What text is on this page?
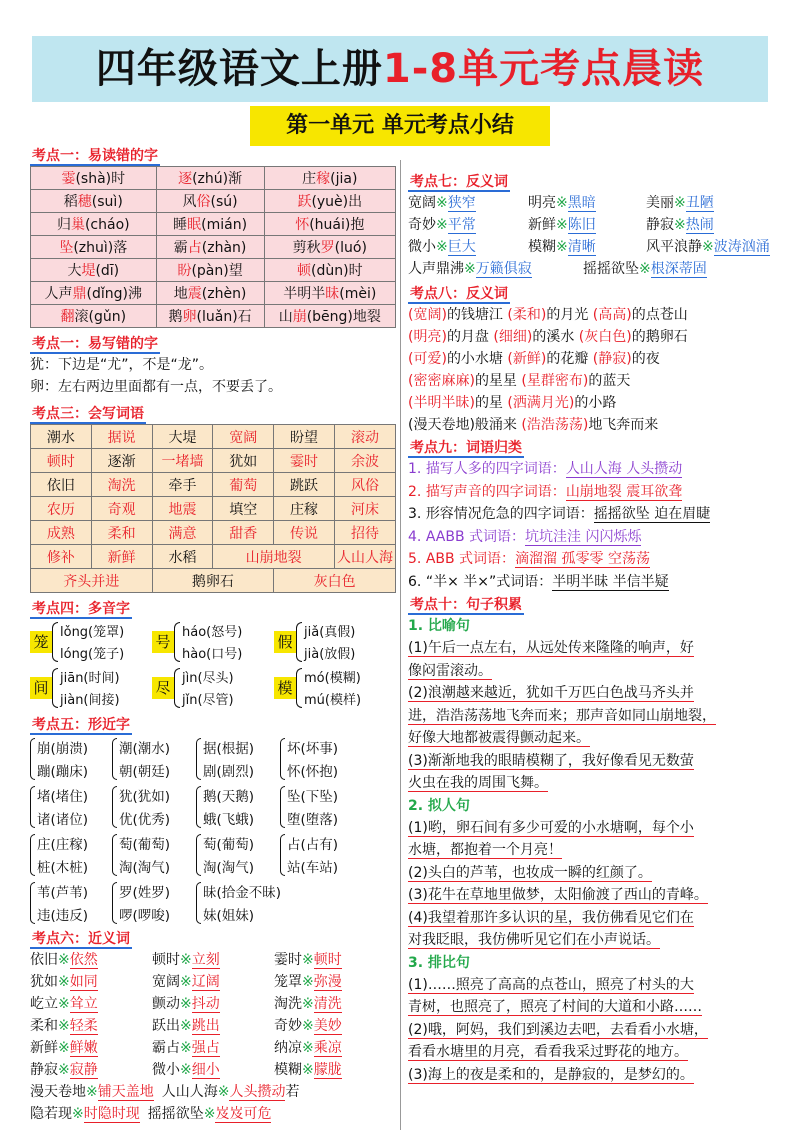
四年级语文上册1-8单元考点晨读
第一单元 单元考点小结
考点一：易读错的字
霎(shà)时	逐(zhú)渐	庄稼(jia)
稻穗(suì)	风俗(sú)	跃(yuè)出
归巢(cháo)	睡眠(mián)	怀(huái)抱
坠(zhuì)落	霸占(zhàn)	剪秋罗(luó)
大堤(dī)	盼(pàn)望	顿(dùn)时
人声鼎(dǐng)沸	地震(zhèn)	半明半昧(mèi)
翻滚(gǔn)	鹅卵(luǎn)石	山崩(bēng)地裂
考点一：易写错的字
犹：下边是“尤”，不是“龙”。
卵：左右两边里面都有一点，不要丢了。
考点三：会写词语
潮水	据说	大堤	宽阔	盼望	滚动
顿时	逐渐	一堵墙	犹如	霎时	余波
依旧	淘洗	牵手	葡萄	跳跃	风俗
农历	奇观	地震	填空	庄稼	河床
成熟	柔和	满意	甜香	传说	招待
修补	新鲜	水稻	山崩地裂		人山人海
齐头并进		鹅卵石		灰白色	
考点四：多音字
笼
lǒng(笼罩)
lóng(笼子)
号
háo(怒号)
hào(口号)
假
jiǎ(真假)
jià(放假)
间
jiān(时间)
jiàn(间接)
尽
jìn(尽头)
jǐn(尽管)
模
mó(模糊)
mú(模样)
考点五：形近字
崩(崩溃)
蹦(蹦床)
潮(潮水)
朝(朝廷)
据(根据)
剧(剧烈)
坏(坏事)
怀(怀抱)
堵(堵住)
诸(诸位)
犹(犹如)
优(优秀)
鹅(天鹅)
蛾(飞蛾)
坠(下坠)
堕(堕落)
庄(庄稼)
桩(木桩)
萄(葡萄)
淘(淘气)
萄(葡萄)
淘(淘气)
占(占有)
站(车站)
苇(芦苇)
违(违反)
罗(姓罗)
啰(啰唆)
昧(拾金不昧)
妹(姐妹)
考点六：近义词
依旧※依然	顿时※立刻	霎时※顿时
犹如※如同	宽阔※辽阔	笼罩※弥漫
屹立※耸立	颤动※抖动	淘洗※清洗
柔和※轻柔	跃出※跳出	奇妙※美妙
新鲜※鲜嫩	霸占※强占	纳凉※乘凉
静寂※寂静	微小※细小	模糊※朦胧
漫天卷地※铺天盖地 人山人海※人头攒动若
隐若现※时隐时现 摇摇欲坠※岌岌可危
考点七：反义词
宽阔※狭窄	明亮※黑暗	美丽※丑陋
奇妙※平常	新鲜※陈旧	静寂※热闹
微小※巨大	模糊※清晰	风平浪静※波涛汹涌
人声鼎沸※万籁俱寂	摇摇欲坠※根深蒂固
考点八：反义词
(宽阔)的钱塘江 (柔和)的月光 (高高)的点苍山
(明亮)的月盘 (细细)的溪水 (灰白色)的鹅卵石
(可爱)的小水塘 (新鲜)的花瓣 (静寂)的夜
(密密麻麻)的星星 (星群密布)的蓝天
(半明半昧)的星 (洒满月光)的小路
(漫天卷地)般涌来 (浩浩荡荡)地飞奔而来
考点九：词语归类
1. 描写人多的四字词语：人山人海 人头攒动
2. 描写声音的四字词语：山崩地裂 震耳欲聋
3. 形容情况危急的四字词语：摇摇欲坠 迫在眉睫
4. AABB 式词语：坑坑洼洼 闪闪烁烁
5. ABB 式词语：滴溜溜 孤零零 空荡荡
6. “半× 半×”式词语：半明半昧 半信半疑
考点十：句子积累
1. 比喻句
(1)午后一点左右，从远处传来隆隆的响声，好
像闷雷滚动。
(2)浪潮越来越近，犹如千万匹白色战马齐头并
进，浩浩荡荡地飞奔而来；那声音如同山崩地裂，
好像大地都被震得颤动起来。
(3)渐渐地我的眼睛模糊了，我好像看见无数萤
火虫在我的周围飞舞。
2. 拟人句
(1)哟，卵石间有多少可爱的小水塘啊，每个小
水塘，都抱着一个月亮！
(2)头白的芦苇，也妆成一瞬的红颜了。
(3)花牛在草地里做梦，太阳偷渡了西山的青峰。
(4)我望着那许多认识的星，我仿佛看见它们在
对我眨眼，我仿佛听见它们在小声说话。
3. 排比句
(1)……照亮了高高的点苍山，照亮了村头的大
青树，也照亮了，照亮了村间的大道和小路……
(2)哦，阿妈，我们到溪边去吧，去看看小水塘，
看看水塘里的月亮，看看我采过野花的地方。
(3)海上的夜是柔和的，是静寂的，是梦幻的。
